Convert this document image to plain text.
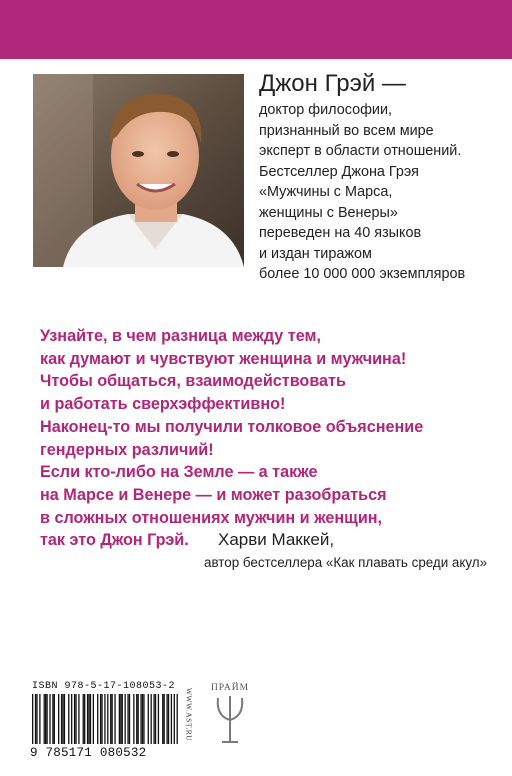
Джон Грэй —
доктор философии,
признанный во всем мире
эксперт в области отношений.
Бестселлер Джона Грэя
«Мужчины с Марса,
женщины с Венеры»
переведен на 40 языков
и издан тиражом
более 10 000 000 экземпляров
Узнайте, в чем разница между тем,
как думают и чувствуют женщина и мужчина!
Чтобы общаться, взаимодействовать
и работать сверхэффективно!
Наконец-то мы получили толковое объяснение
гендерных различий!
Если кто-либо на Земле — а также
на Марсе и Венере — и может разобраться
в сложных отношениях мужчин и женщин,
так это Джон Грэй.	Харви Маккей,
автор бестселлера «Как плавать среди акул»
ISBN 978-5-17-108053-2
9 785171 080532
WWW.AST.RU	ПРАЙМ
